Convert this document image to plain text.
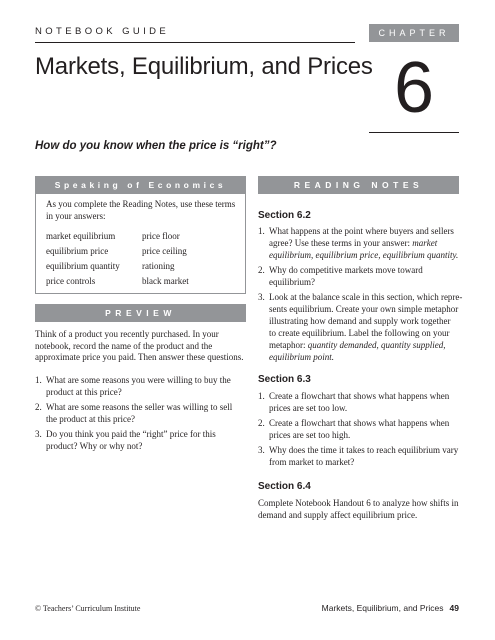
NOTEBOOK GUIDE
Markets, Equilibrium, and Prices
CHAPTER
6
How do you know when the price is “right”?
Speaking of Economics
As you complete the Reading Notes, use these terms in your answers:
market equilibrium
equilibrium price
equilibrium quantity
price controls
price floor
price ceiling
rationing
black market
PREVIEW
Think of a product you recently purchased. In your notebook, record the name of the product and the approximate price you paid. Then answer these questions.
1. What are some reasons you were willing to buy the
product at this price?
2. What are some reasons the seller was willing to sell
the product at this price?
3. Do you think you paid the “right” price for this
product? Why or why not?
READING NOTES
Section 6.2
1. What happens at the point where buyers and sellers
agree? Use these terms in your answer: market
equilibrium, equilibrium price, equilibrium quantity.
2. Why do competitive markets move toward
equilibrium?
3. Look at the balance scale in this section, which repre-
sents equilibrium. Create your own simple metaphor
illustrating how demand and supply work together
to create equilibrium. Label the following on your
metaphor: quantity demanded, quantity supplied,
equilibrium point.
Section 6.3
1. Create a flowchart that shows what happens when
prices are set too low.
2. Create a flowchart that shows what happens when
prices are set too high.
3. Why does the time it takes to reach equilibrium vary
from market to market?
Section 6.4
Complete Notebook Handout 6 to analyze how shifts in
demand and supply affect equilibrium price.
© Teachers’ Curriculum Institute	Markets, Equilibrium, and Prices 49
